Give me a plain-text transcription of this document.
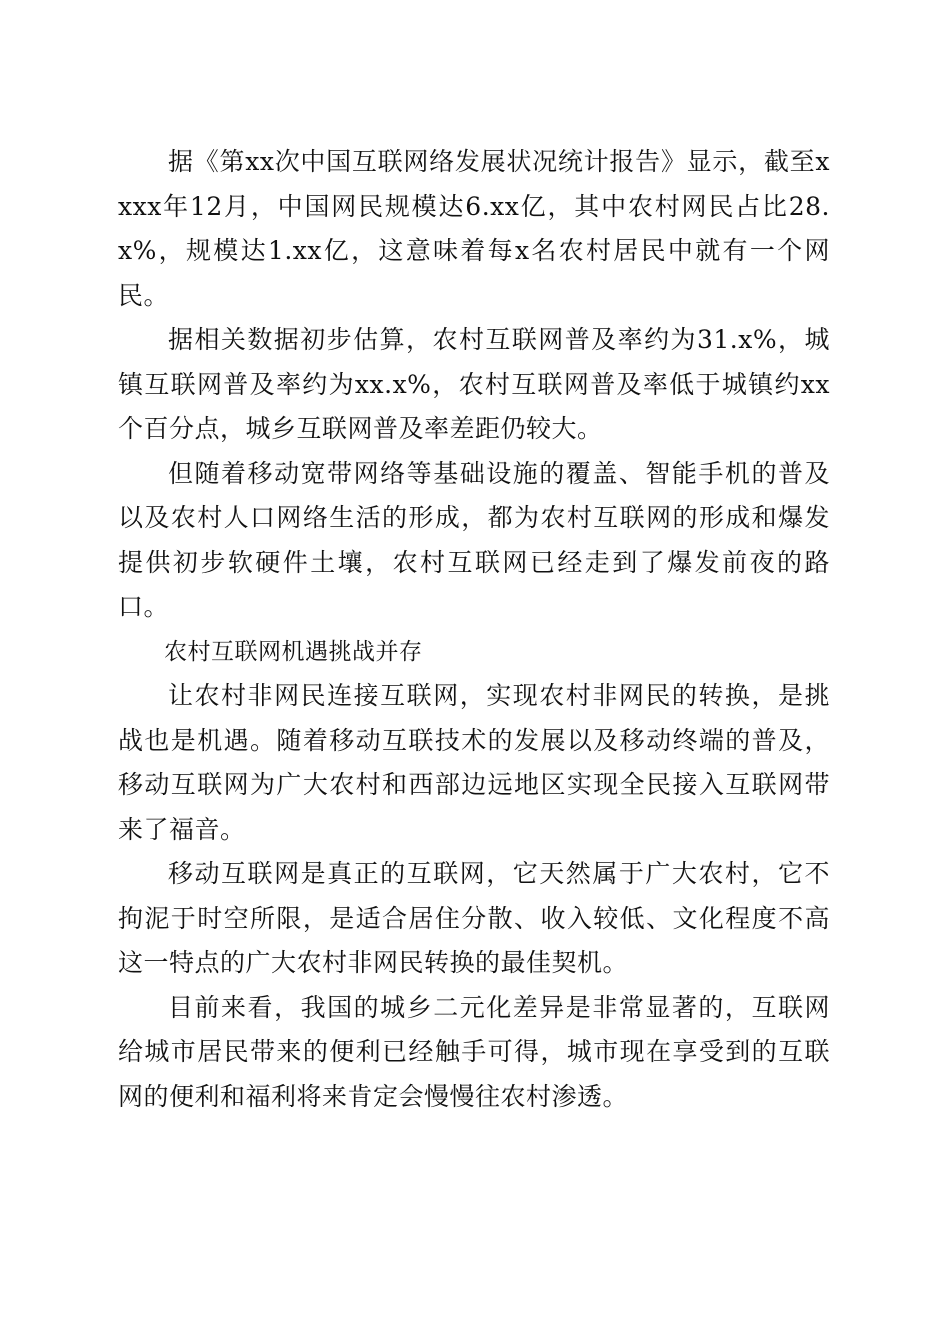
据《第xx次中国互联网络发展状况统计报告》显示，截至xxxx年12月，中国网民规模达6.xx亿，其中农村网民占比28.x%，规模达1.xx亿，这意味着每x名农村居民中就有一个网民。

据相关数据初步估算，农村互联网普及率约为31.x%，城镇互联网普及率约为xx.x%，农村互联网普及率低于城镇约xx个百分点，城乡互联网普及率差距仍较大。

但随着移动宽带网络等基础设施的覆盖、智能手机的普及以及农村人口网络生活的形成，都为农村互联网的形成和爆发提供初步软硬件土壤，农村互联网已经走到了爆发前夜的路口。

农村互联网机遇挑战并存

让农村非网民连接互联网，实现农村非网民的转换，是挑战也是机遇。随着移动互联技术的发展以及移动终端的普及，移动互联网为广大农村和西部边远地区实现全民接入互联网带来了福音。

移动互联网是真正的互联网，它天然属于广大农村，它不拘泥于时空所限，是适合居住分散、收入较低、文化程度不高这一特点的广大农村非网民转换的最佳契机。

目前来看，我国的城乡二元化差异是非常显著的，互联网给城市居民带来的便利已经触手可得，城市现在享受到的互联网的便利和福利将来肯定会慢慢往农村渗透。
